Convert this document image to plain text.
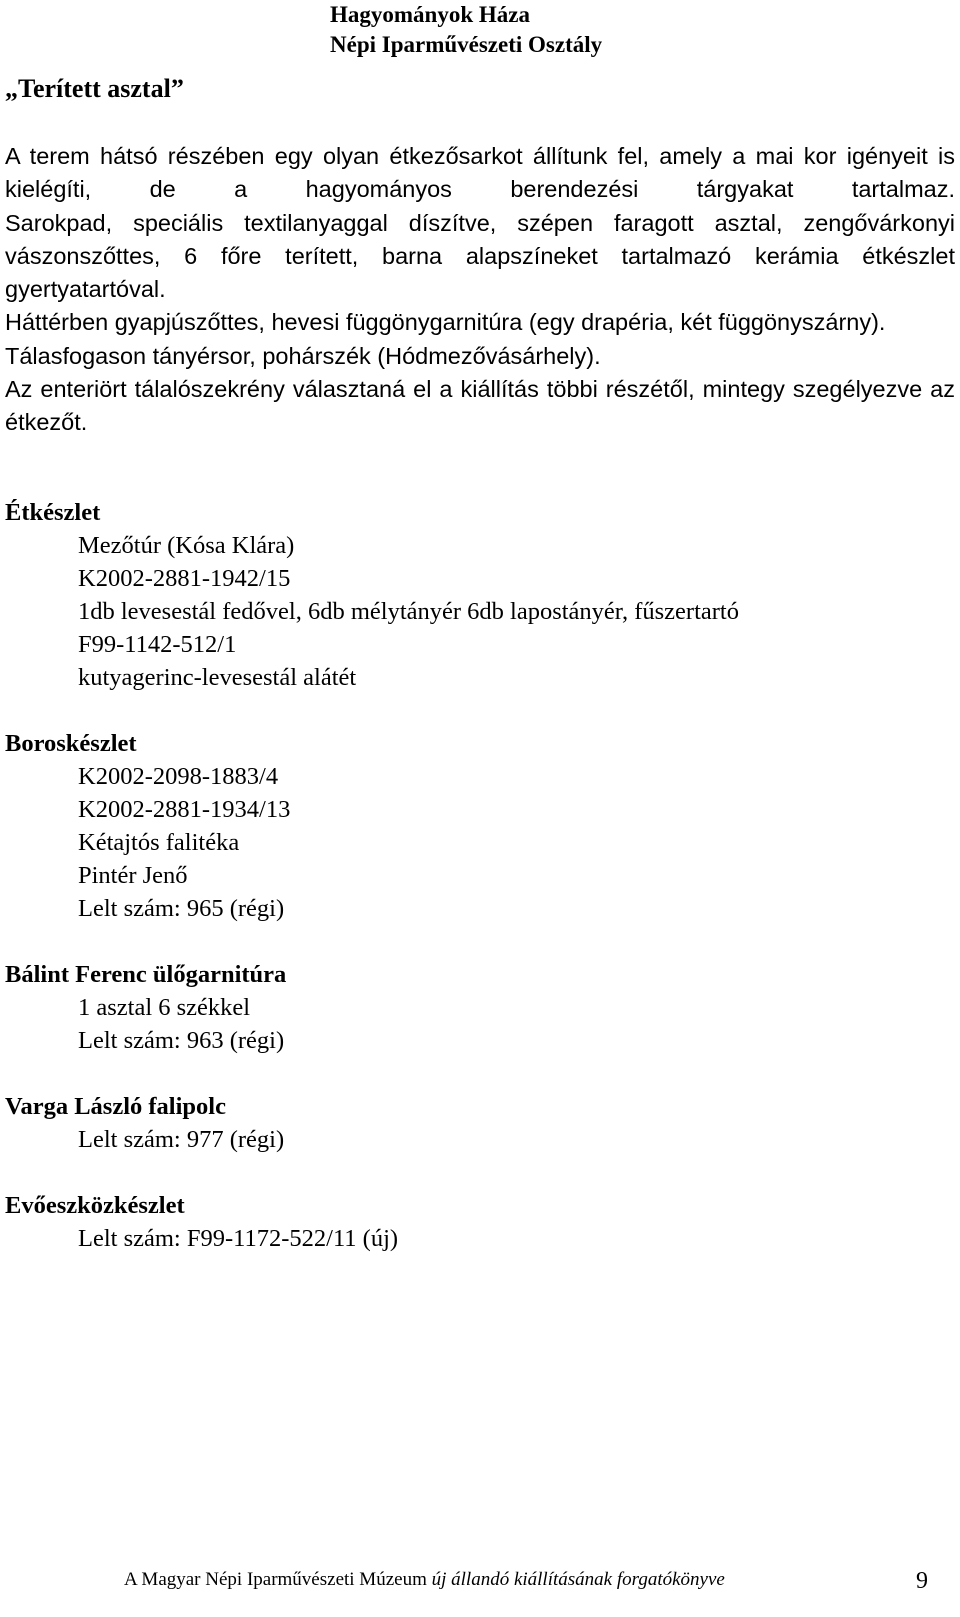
Hagyományok Háza
Népi Iparművészeti Osztály
„Terített asztal”

A terem hátsó részében egy olyan étkezősarkot állítunk fel, amely a mai kor igényeit is kielégíti, de a hagyományos berendezési tárgyakat tartalmaz.

Sarokpad, speciális textilanyaggal díszítve, szépen faragott asztal, zengővárkonyi vászonszőttes, 6 főre terített, barna alapszíneket tartalmazó kerámia étkészlet gyertyatartóval.

Háttérben gyapjúszőttes, hevesi függönygarnitúra (egy drapéria, két függönyszárny).

Tálasfogason tányérsor, pohárszék (Hódmezővásárhely).

Az enteriört tálalószekrény választaná el a kiállítás többi részétől, mintegy szegélyezve az étkezőt.

Étkészlet
Mezőtúr (Kósa Klára)
K2002-2881-1942/15
1db levesestál fedővel, 6db mélytányér 6db lapostányér, fűszertartó
F99-1142-512/1
kutyagerinc-levesestál alátét
Boroskészlet
K2002-2098-1883/4
K2002-2881-1934/13
Kétajtós falitéka
Pintér Jenő
Lelt szám: 965 (régi)
Bálint Ferenc ülőgarnitúra
1 asztal 6 székkel
Lelt szám: 963 (régi)
Varga László falipolc
Lelt szám: 977 (régi)
Evőeszközkészlet
Lelt szám: F99-1172-522/11 (új)
A Magyar Népi Iparművészeti Múzeum új állandó kiállításának forgatókönyve	9
